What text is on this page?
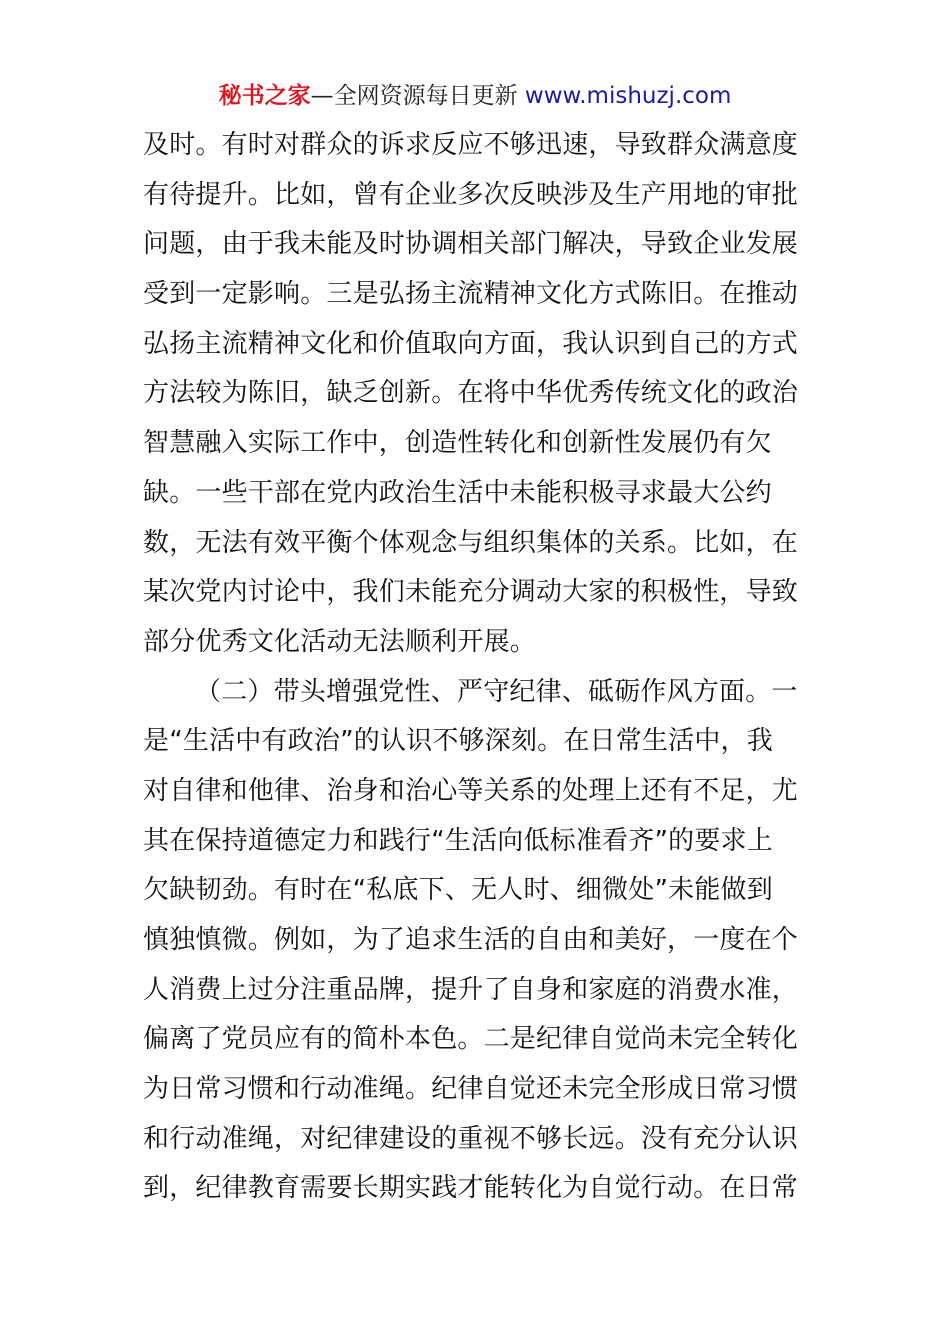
秘书之家—全网资源每日更新 www.mishuzj.com
及时。有时对群众的诉求反应不够迅速，导致群众满意度
有待提升。比如，曾有企业多次反映涉及生产用地的审批
问题，由于我未能及时协调相关部门解决，导致企业发展
受到一定影响。三是弘扬主流精神文化方式陈旧。在推动
弘扬主流精神文化和价值取向方面，我认识到自己的方式
方法较为陈旧，缺乏创新。在将中华优秀传统文化的政治
智慧融入实际工作中，创造性转化和创新性发展仍有欠
缺。一些干部在党内政治生活中未能积极寻求最大公约
数，无法有效平衡个体观念与组织集体的关系。比如，在
某次党内讨论中，我们未能充分调动大家的积极性，导致
部分优秀文化活动无法顺利开展。
（二）带头增强党性、严守纪律、砥砺作风方面。一
是“生活中有政治”的认识不够深刻。在日常生活中，我
对自律和他律、治身和治心等关系的处理上还有不足，尤
其在保持道德定力和践行“生活向低标准看齐”的要求上
欠缺韧劲。有时在“私底下、无人时、细微处”未能做到
慎独慎微。例如，为了追求生活的自由和美好，一度在个
人消费上过分注重品牌，提升了自身和家庭的消费水准，
偏离了党员应有的简朴本色。二是纪律自觉尚未完全转化
为日常习惯和行动准绳。纪律自觉还未完全形成日常习惯
和行动准绳，对纪律建设的重视不够长远。没有充分认识
到，纪律教育需要长期实践才能转化为自觉行动。在日常
